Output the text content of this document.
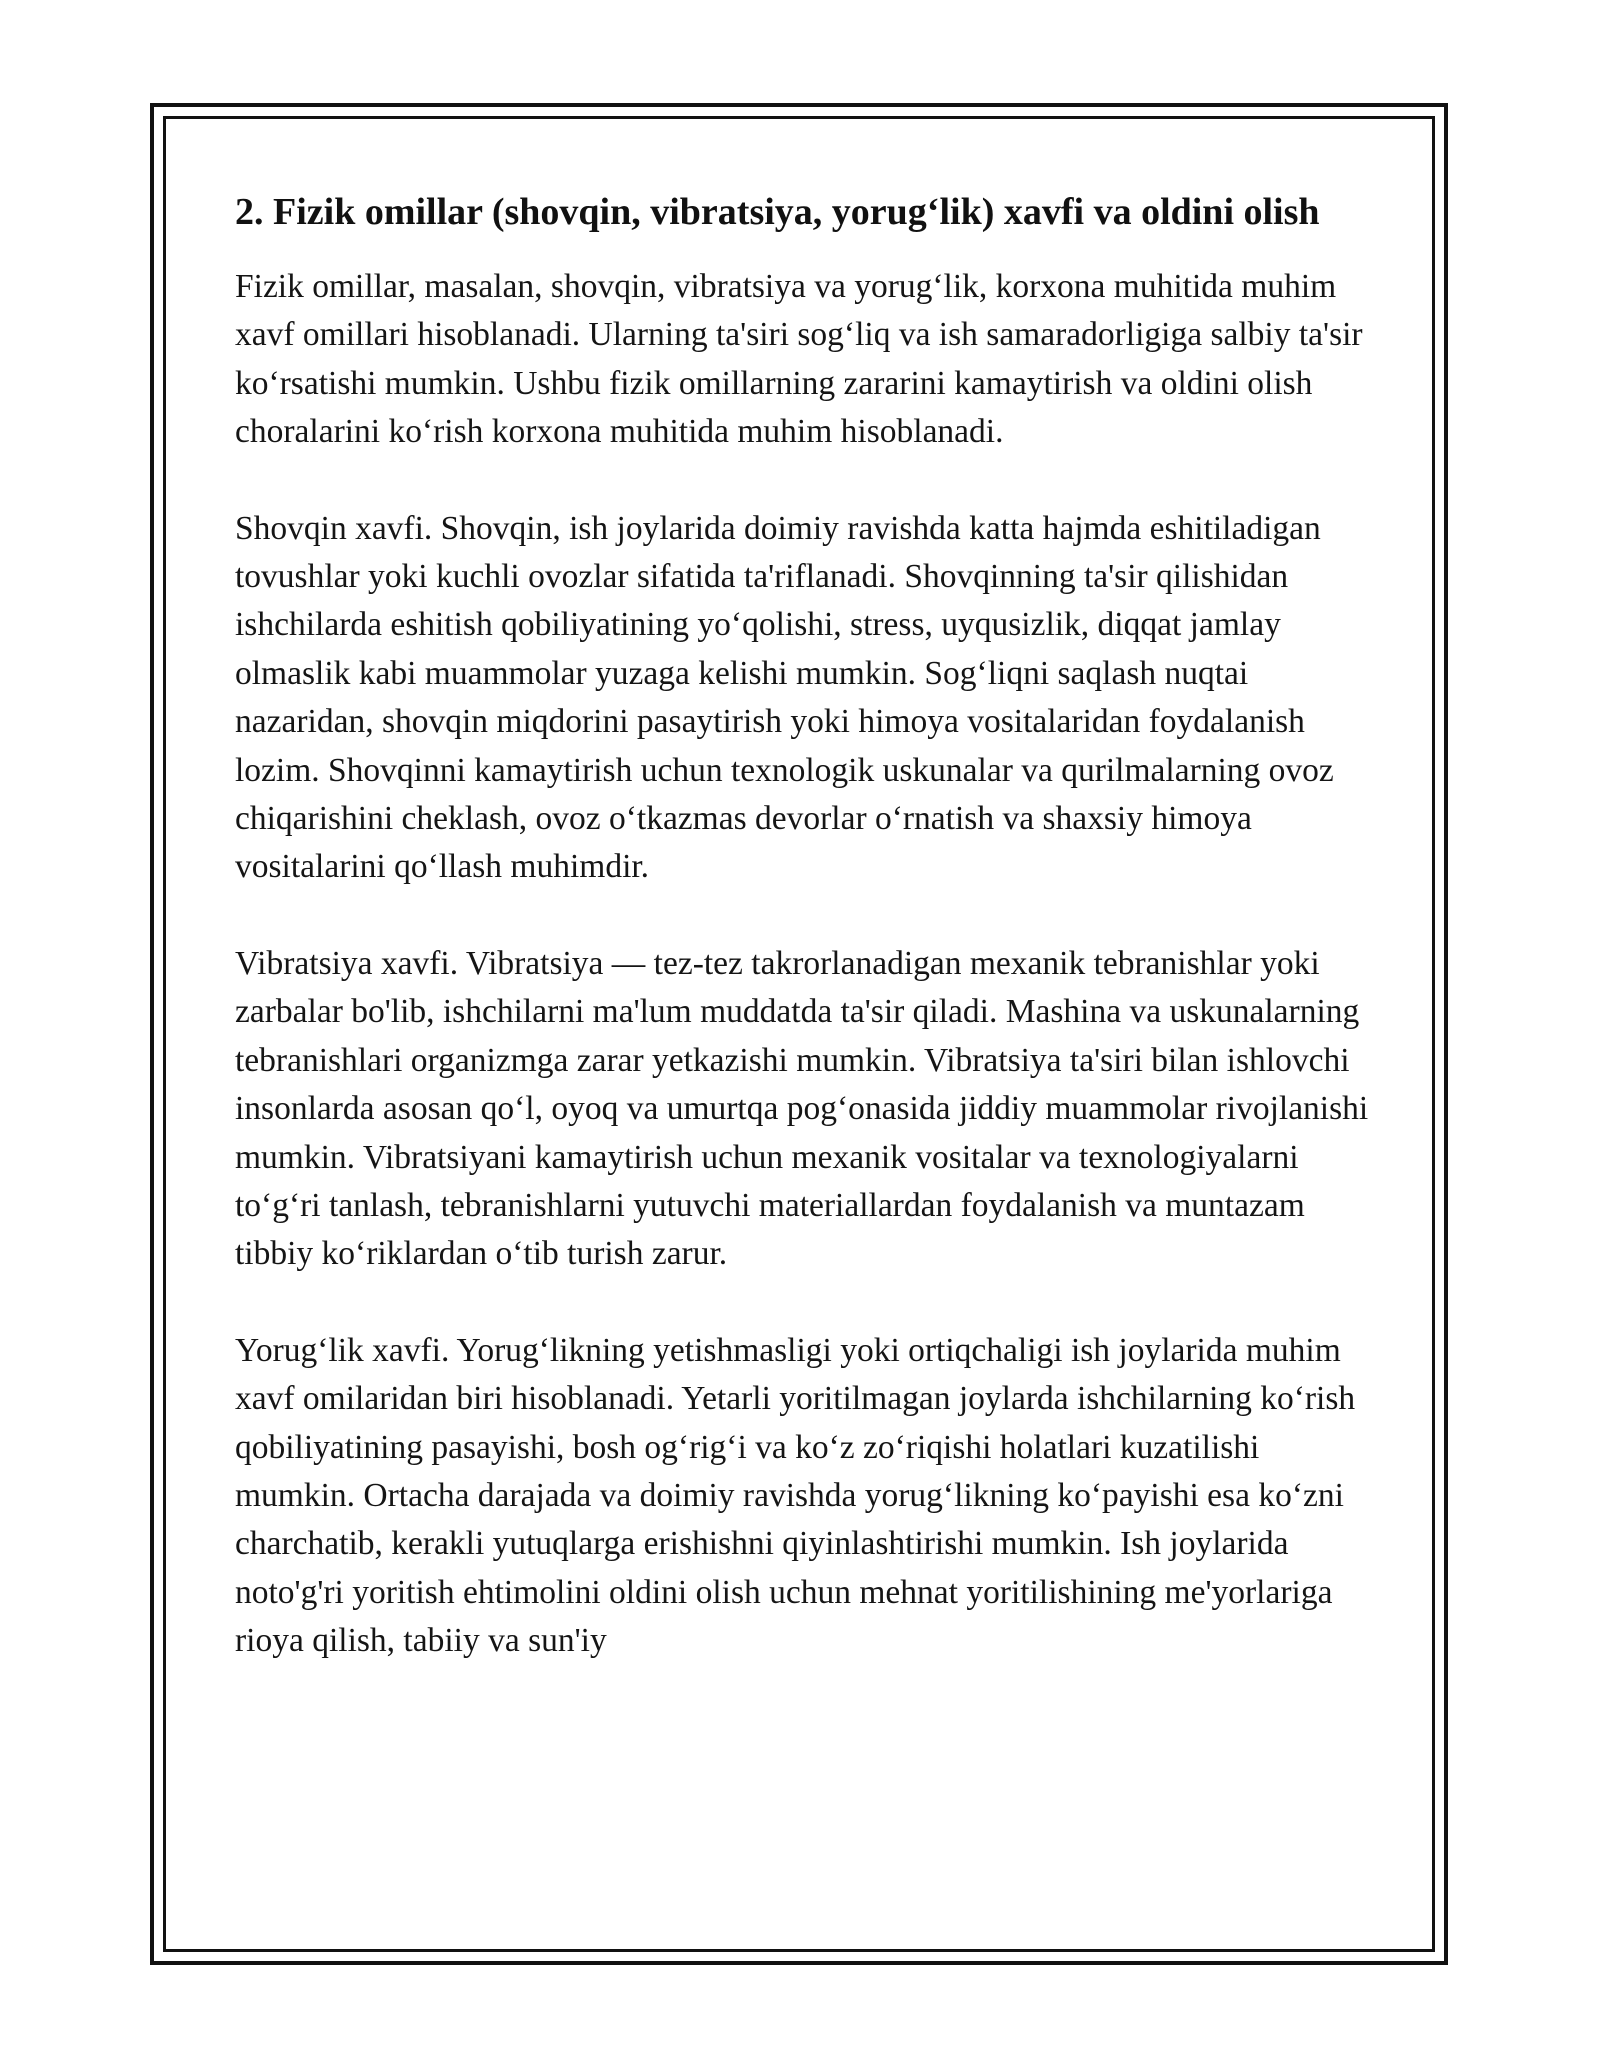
2. Fizik omillar (shovqin, vibratsiya, yorug‘lik) xavfi va oldini olish

Fizik omillar, masalan, shovqin, vibratsiya va yorug‘lik, korxona muhitida muhim xavf omillari hisoblanadi. Ularning ta'siri sog‘liq va ish samaradorligiga salbiy ta'sir ko‘rsatishi mumkin. Ushbu fizik omillarning zararini kamaytirish va oldini olish choralarini ko‘rish korxona muhitida muhim hisoblanadi.

Shovqin xavfi. Shovqin, ish joylarida doimiy ravishda katta hajmda eshitiladigan tovushlar yoki kuchli ovozlar sifatida ta'riflanadi. Shovqinning ta'sir qilishidan ishchilarda eshitish qobiliyatining yo‘qolishi, stress, uyqusizlik, diqqat jamlay olmaslik kabi muammolar yuzaga kelishi mumkin. Sog‘liqni saqlash nuqtai nazaridan, shovqin miqdorini pasaytirish yoki himoya vositalaridan foydalanish lozim. Shovqinni kamaytirish uchun texnologik uskunalar va qurilmalarning ovoz chiqarishini cheklash, ovoz o‘tkazmas devorlar o‘rnatish va shaxsiy himoya vositalarini qo‘llash muhimdir.

Vibratsiya xavfi. Vibratsiya — tez-tez takrorlanadigan mexanik tebranishlar yoki zarbalar bo'lib, ishchilarni ma'lum muddatda ta'sir qiladi. Mashina va uskunalarning tebranishlari organizmga zarar yetkazishi mumkin. Vibratsiya ta'siri bilan ishlovchi insonlarda asosan qo‘l, oyoq va umurtqa pog‘onasida jiddiy muammolar rivojlanishi mumkin. Vibratsiyani kamaytirish uchun mexanik vositalar va texnologiyalarni to‘g‘ri tanlash, tebranishlarni yutuvchi materiallardan foydalanish va muntazam tibbiy ko‘riklardan o‘tib turish zarur.

Yorug‘lik xavfi. Yorug‘likning yetishmasligi yoki ortiqchaligi ish joylarida muhim xavf omilaridan biri hisoblanadi. Yetarli yoritilmagan joylarda ishchilarning ko‘rish qobiliyatining pasayishi, bosh og‘rig‘i va ko‘z zo‘riqishi holatlari kuzatilishi mumkin. Ortacha darajada va doimiy ravishda yorug‘likning ko‘payishi esa ko‘zni charchatib, kerakli yutuqlarga erishishni qiyinlashtirishi mumkin. Ish joylarida noto'g'ri yoritish ehtimolini oldini olish uchun mehnat yoritilishining me'yorlariga rioya qilish, tabiiy va sun'iy
